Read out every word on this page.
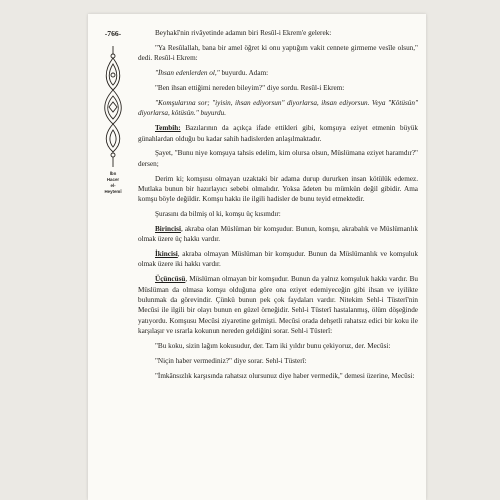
-766-
İbn
Hacer
el-
Heytemî

Beyhakî'nin rivâyetinde adamın biri Resûl-i Ekrem'e gelerek:

"Ya Resûlallah, bana bir amel öğret ki onu yaptığım vakit cennete girmeme vesîle olsun," dedi. Resûl-i Ekrem:

"İhsan edenlerden ol," buyurdu. Adam:

"Ben ihsan ettiğimi nereden bileyim?" diye sordu. Resûl-i Ekrem:

"Komşularına sor; "iyisin, ihsan ediyorsun" diyorlarsa, ihsan ediyorsun. Veya "Kötüsün" diyorlarsa, kötüsün." buyurdu.

Tembih: Bazılarının da açıkça ifade ettikleri gibi, komşuya eziyet etmenin büyük günahlardan olduğu bu kadar sahih hadislerden anlaşılmaktadır.

Şayet, "Bunu niye komşuya tahsis edelim, kim olursa olsun, Müslümana eziyet haramdır?" dersen;

Derim ki; komşusu olmayan uzaktaki bir adama durup dururken insan kötülük edemez. Mutlaka bunun bir hazırlayıcı sebebi olmalıdır. Yoksa âdeten bu mümkün değil gibidir. Ama komşu böyle değildir. Komşu hakkı ile ilgili hadisler de bunu teyid etmektedir.

Şurasını da bilmiş ol ki, komşu üç kısımdır:

Birincisi, akraba olan Müslüman bir komşudur. Bunun, komşu, akrabalık ve Müslümanlık olmak üzere üç hakkı vardır.

İkincisi, akraba olmayan Müslüman bir komşudur. Bunun da Müslümanlık ve komşuluk olmak üzere iki hakkı vardır.

Üçüncüsü, Müslüman olmayan bir komşudur. Bunun da yalnız komşuluk hakkı vardır. Bu Müslüman da olmasa komşu olduğuna göre ona eziyet edemiyeceğin gibi ihsan ve iyilikte bulunmak da görevindir. Çünkü bunun pek çok faydaları vardır. Nitekim Sehl-i Tüsterî'nin Mecûsi ile ilgili bir olayı bunun en güzel örneğidir. Sehl-i Tüsterî hastalanmış, ölüm döşeğinde yatıyordu. Komşusu Mecûsi ziyaretine gelmişti. Mecûsi orada dehşetli rahatsız edici bir koku ile karşılaşır ve ısrarla kokunun nereden geldiğini sorar. Sehl-i Tüsterî:

"Bu koku, sizin lağım kokusudur, der. Tam iki yıldır bunu çekiyoruz, der. Mecûsi:

"Niçin haber vermediniz?" diye sorar. Sehl-i Tüsterî:

"İmkânsızlık karşısında rahatsız olursunuz diye haber vermedik," demesi üzerine, Mecûsi:
